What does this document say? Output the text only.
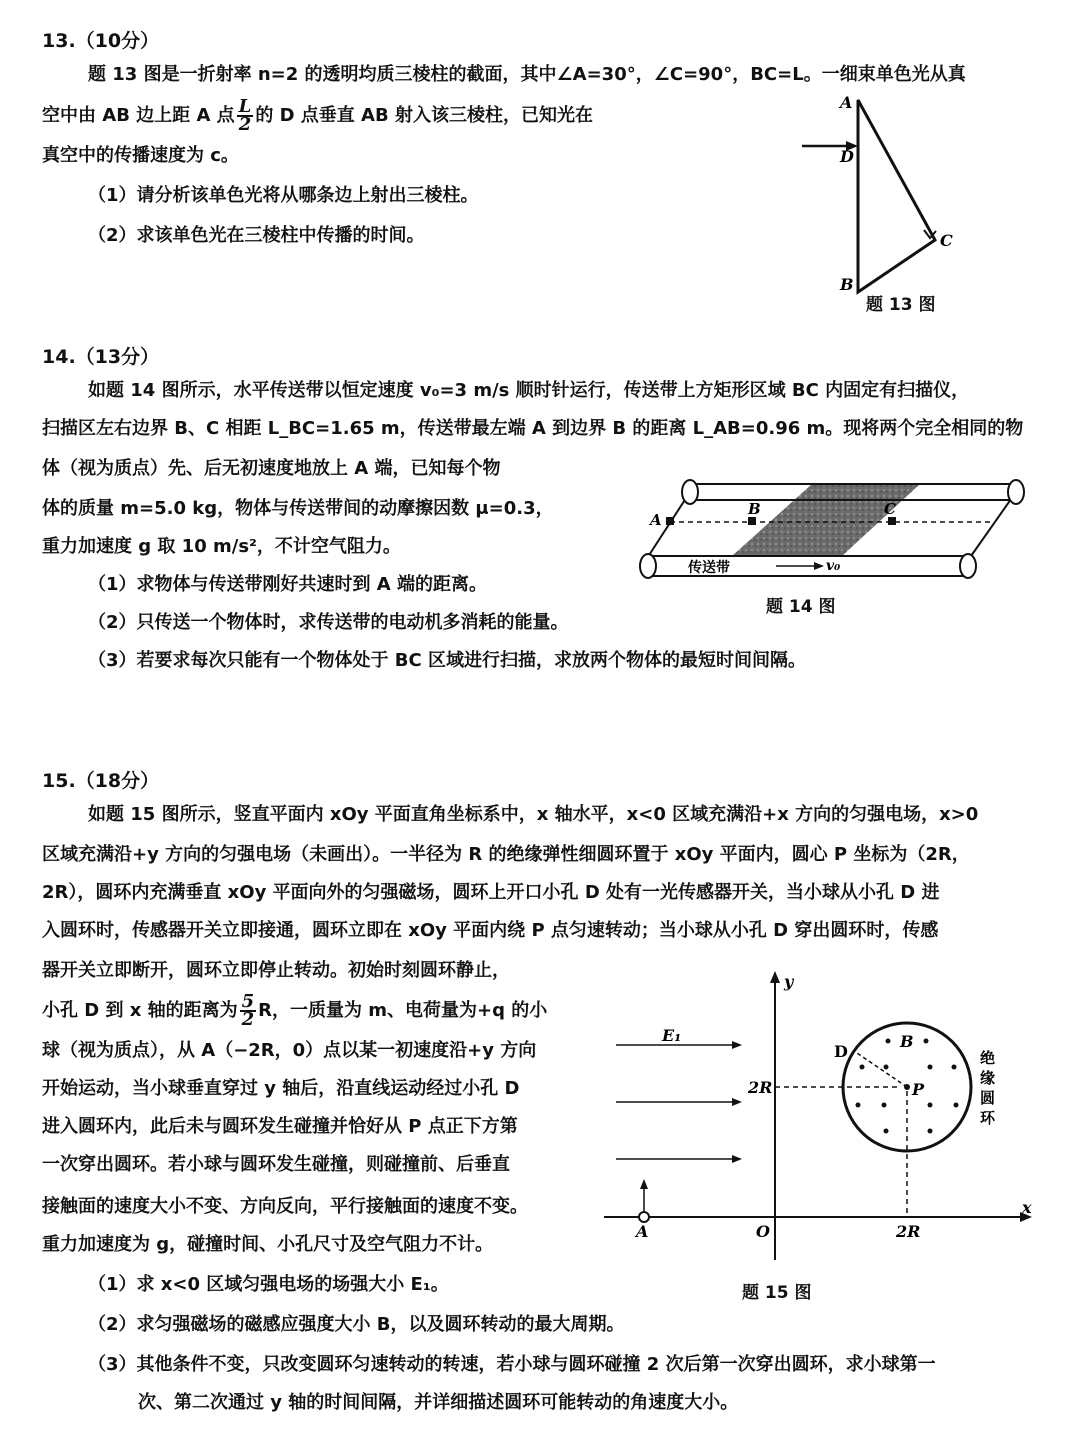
13.（10分）
题 13 图是一折射率 n=2 的透明均质三棱柱的截面，其中∠A=30°，∠C=90°，BC=L。一细束单色光从真
空中由 AB 边上距 A 点 $\frac{L}{2}$ 的 D 点垂直 AB 射入该三棱柱，已知光在
真空中的传播速度为 c。
（1）请分析该单色光将从哪条边上射出三棱柱。
（2）求该单色光在三棱柱中传播的时间。
A
D
C
B
题 13 图
14.（13分）
如题 14 图所示，水平传送带以恒定速度 v₀=3 m/s 顺时针运行，传送带上方矩形区域 BC 内固定有扫描仪，
扫描区左右边界 B、C 相距 L_BC=1.65 m，传送带最左端 A 到边界 B 的距离 L_AB=0.96 m。现将两个完全相同的物
体（视为质点）先、后无初速度地放上 A 端，已知每个物
体的质量 m=5.0 kg，物体与传送带间的动摩擦因数 μ=0.3，
重力加速度 g 取 10 m/s²，不计空气阻力。
（1）求物体与传送带刚好共速时到 A 端的距离。
（2）只传送一个物体时，求传送带的电动机多消耗的能量。
（3）若要求每次只能有一个物体处于 BC 区域进行扫描，求放两个物体的最短时间间隔。
A
B	C
传送带	v₀
题 14 图
15.（18分）
如题 15 图所示，竖直平面内 xOy 平面直角坐标系中，x 轴水平，x<0 区域充满沿+x 方向的匀强电场，x>0
区域充满沿+y 方向的匀强电场（未画出）。一半径为 R 的绝缘弹性细圆环置于 xOy 平面内，圆心 P 坐标为（2R，
2R），圆环内充满垂直 xOy 平面向外的匀强磁场，圆环上开口小孔 D 处有一光传感器开关，当小球从小孔 D 进
入圆环时，传感器开关立即接通，圆环立即在 xOy 平面内绕 P 点匀速转动；当小球从小孔 D 穿出圆环时，传感
器开关立即断开，圆环立即停止转动。初始时刻圆环静止，
小孔 D 到 x 轴的距离为 $\frac{5}{2}$ R，一质量为 m、电荷量为+q 的小
球（视为质点），从 A（−2R，0）点以某一初速度沿+y 方向
开始运动，当小球垂直穿过 y 轴后，沿直线运动经过小孔 D
进入圆环内，此后未与圆环发生碰撞并恰好从 P 点正下方第
一次穿出圆环。若小球与圆环发生碰撞，则碰撞前、后垂直
接触面的速度大小不变、方向反向，平行接触面的速度不变。
重力加速度为 g，碰撞时间、小孔尺寸及空气阻力不计。
（1）求 x<0 区域匀强电场的场强大小 E₁。
（2）求匀强磁场的磁感应强度大小 B，以及圆环转动的最大周期。
（3）其他条件不变，只改变圆环匀速转动的转速，若小球与圆环碰撞 2 次后第一次穿出圆环，求小球第一
次、第二次通过 y 轴的时间间隔，并详细描述圆环可能转动的角速度大小。
y
x
O
E₁
A
P
D
B
2R
2R
绝
缘
圆
环
题 15 图
